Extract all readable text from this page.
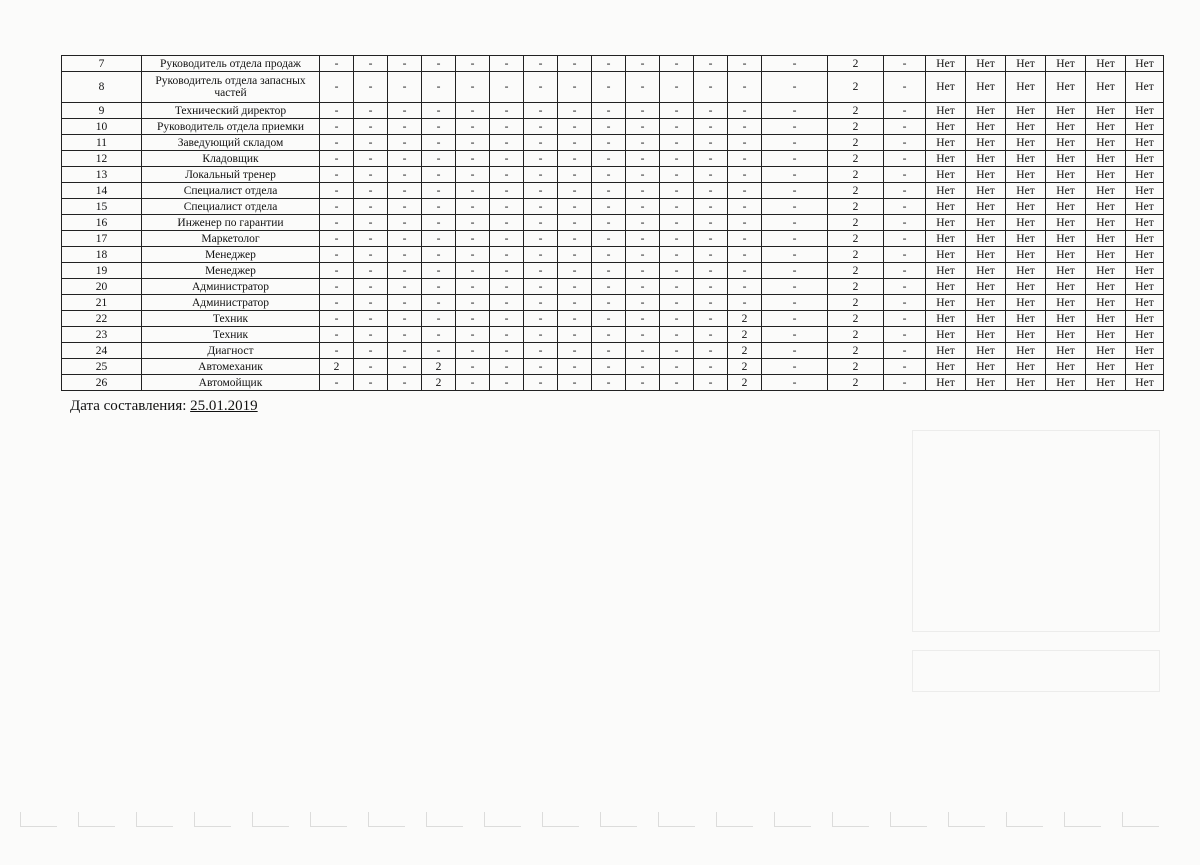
7	Руководитель отдела продаж	-	-	-	-	-	-	-	-	-	-	-	-	-	-	2	-	Нет	Нет	Нет	Нет	Нет	Нет
8	Руководитель отдела запасных частей	-	-	-	-	-	-	-	-	-	-	-	-	-	-	2	-	Нет	Нет	Нет	Нет	Нет	Нет
9	Технический директор	-	-	-	-	-	-	-	-	-	-	-	-	-	-	2	-	Нет	Нет	Нет	Нет	Нет	Нет
10	Руководитель отдела приемки	-	-	-	-	-	-	-	-	-	-	-	-	-	-	2	-	Нет	Нет	Нет	Нет	Нет	Нет
11	Заведующий складом	-	-	-	-	-	-	-	-	-	-	-	-	-	-	2	-	Нет	Нет	Нет	Нет	Нет	Нет
12	Кладовщик	-	-	-	-	-	-	-	-	-	-	-	-	-	-	2	-	Нет	Нет	Нет	Нет	Нет	Нет
13	Локальный тренер	-	-	-	-	-	-	-	-	-	-	-	-	-	-	2	-	Нет	Нет	Нет	Нет	Нет	Нет
14	Специалист отдела	-	-	-	-	-	-	-	-	-	-	-	-	-	-	2	-	Нет	Нет	Нет	Нет	Нет	Нет
15	Специалист отдела	-	-	-	-	-	-	-	-	-	-	-	-	-	-	2	-	Нет	Нет	Нет	Нет	Нет	Нет
16	Инженер по гарантии	-	-	-	-	-	-	-	-	-	-	-	-	-	-	2	-	Нет	Нет	Нет	Нет	Нет	Нет
17	Маркетолог	-	-	-	-	-	-	-	-	-	-	-	-	-	-	2	-	Нет	Нет	Нет	Нет	Нет	Нет
18	Менеджер	-	-	-	-	-	-	-	-	-	-	-	-	-	-	2	-	Нет	Нет	Нет	Нет	Нет	Нет
19	Менеджер	-	-	-	-	-	-	-	-	-	-	-	-	-	-	2	-	Нет	Нет	Нет	Нет	Нет	Нет
20	Администратор	-	-	-	-	-	-	-	-	-	-	-	-	-	-	2	-	Нет	Нет	Нет	Нет	Нет	Нет
21	Администратор	-	-	-	-	-	-	-	-	-	-	-	-	-	-	2	-	Нет	Нет	Нет	Нет	Нет	Нет
22	Техник	-	-	-	-	-	-	-	-	-	-	-	-	2	-	2	-	Нет	Нет	Нет	Нет	Нет	Нет
23	Техник	-	-	-	-	-	-	-	-	-	-	-	-	2	-	2	-	Нет	Нет	Нет	Нет	Нет	Нет
24	Диагност	-	-	-	-	-	-	-	-	-	-	-	-	2	-	2	-	Нет	Нет	Нет	Нет	Нет	Нет
25	Автомеханик	2	-	-	2	-	-	-	-	-	-	-	-	2	-	2	-	Нет	Нет	Нет	Нет	Нет	Нет
26	Автомойщик	-	-	-	2	-	-	-	-	-	-	-	-	2	-	2	-	Нет	Нет	Нет	Нет	Нет	Нет
Дата составления: 25.01.2019
